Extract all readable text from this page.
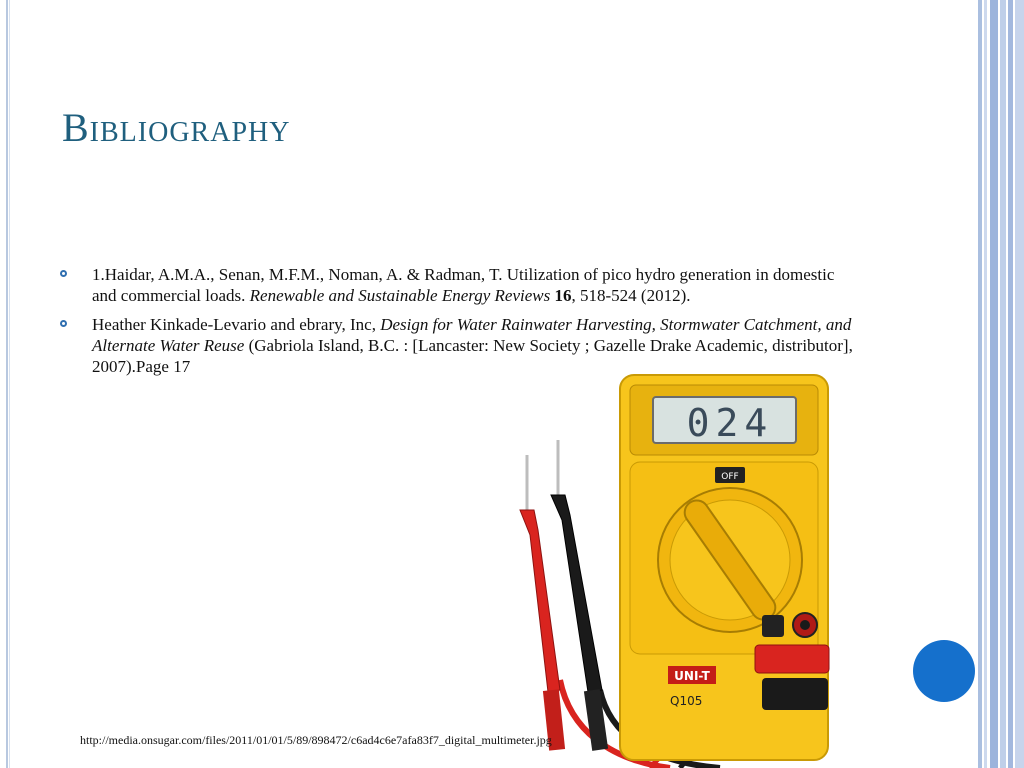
Bibliography
1.Haidar, A.M.A., Senan, M.F.M., Noman, A. & Radman, T. Utilization of pico hydro generation in domestic and commercial loads. Renewable and Sustainable Energy Reviews 16, 518-524 (2012).
Heather Kinkade-Levario and ebrary, Inc, Design for Water Rainwater Harvesting, Stormwater Catchment, and Alternate Water Reuse (Gabriola Island, B.C. : [Lancaster: New Society ; Gazelle Drake Academic, distributor], 2007).Page 17
024
OFF
UNI-T
Q105
http://media.onsugar.com/files/2011/01/01/5/89/898472/c6ad4c6e7afa83f7_digital_multimeter.jpg
